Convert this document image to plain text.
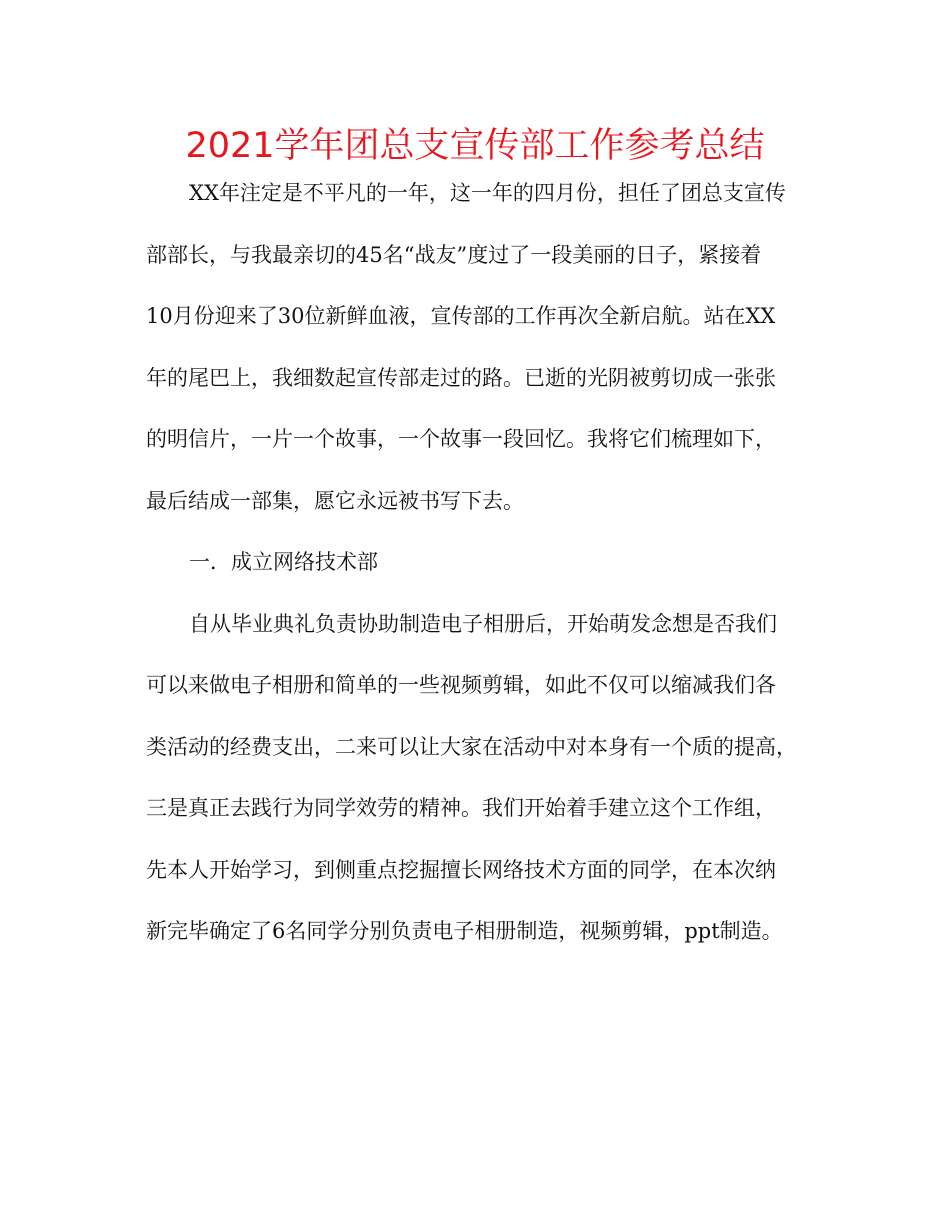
2021学年团总支宣传部工作参考总结
XX年注定是不平凡的一年，这一年的四月份，担任了团总支宣传
部部长，与我最亲切的45名“战友”度过了一段美丽的日子，紧接着
10月份迎来了30位新鲜血液，宣传部的工作再次全新启航。站在XX
年的尾巴上，我细数起宣传部走过的路。已逝的光阴被剪切成一张张
的明信片，一片一个故事，一个故事一段回忆。我将它们梳理如下，
最后结成一部集，愿它永远被书写下去。
一．成立网络技术部
自从毕业典礼负责协助制造电子相册后，开始萌发念想是否我们
可以来做电子相册和简单的一些视频剪辑，如此不仅可以缩减我们各
类活动的经费支出，二来可以让大家在活动中对本身有一个质的提高，
三是真正去践行为同学效劳的精神。我们开始着手建立这个工作组，
先本人开始学习，到侧重点挖掘擅长网络技术方面的同学，在本次纳
新完毕确定了6名同学分别负责电子相册制造，视频剪辑，ppt制造。
